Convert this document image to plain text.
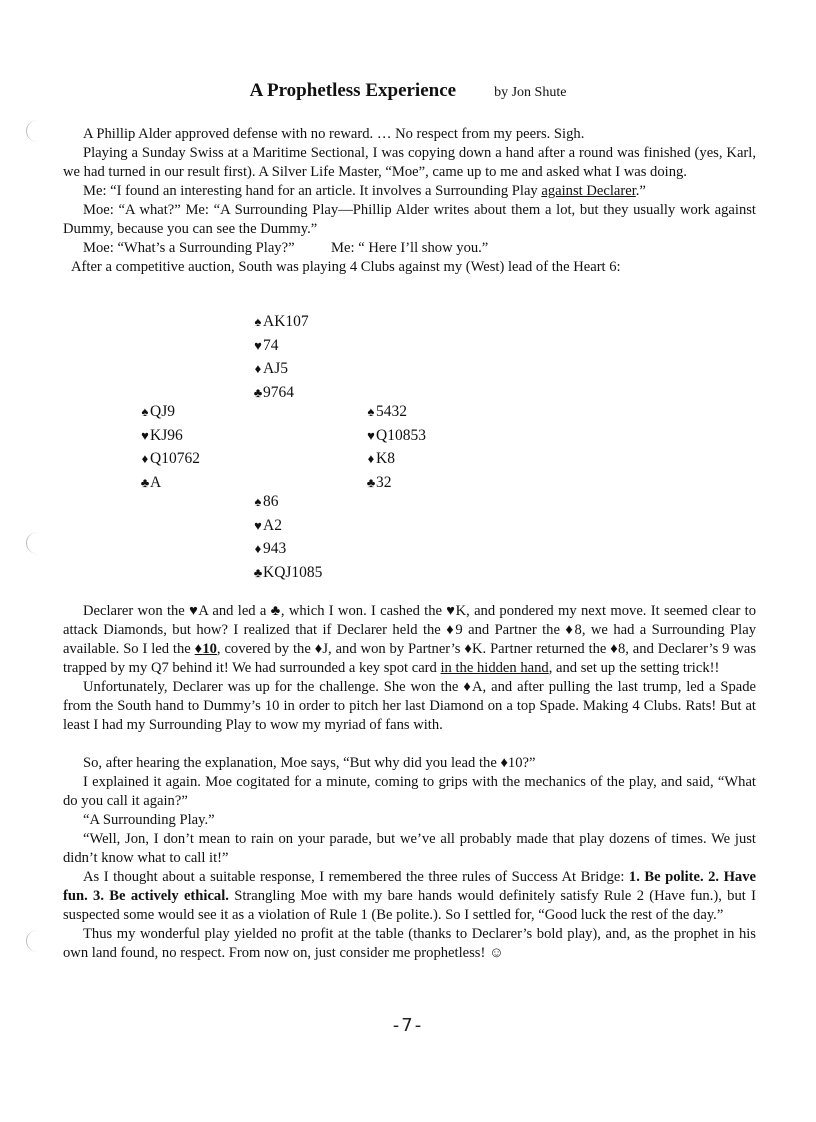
A Prophetless Experience	by Jon Shute

A Phillip Alder approved defense with no reward. … No respect from my peers. Sigh.

Playing a Sunday Swiss at a Maritime Sectional, I was copying down a hand after a round was finished (yes, Karl, we had turned in our result first). A Silver Life Master, “Moe”, came up to me and asked what I was doing.

Me: “I found an interesting hand for an article. It involves a Surrounding Play against Declarer.”

Moe: “A what?” Me: “A Surrounding Play—Phillip Alder writes about them a lot, but they usually work against Dummy, because you can see the Dummy.”

Moe: “What’s a Surrounding Play?”          Me: “ Here I’ll show you.”

After a competitive auction, South was playing 4 Clubs against my (West) lead of the Heart 6:

♠AK107
♥74
♦ AJ5
♣9764
♠QJ9
♥KJ96
♦ Q10762
♣A
♠5432
♥Q10853
♦ K8
♣32
♠86
♥A2
♦ 943
♣KQJ1085

Declarer won the ♥A and led a ♣, which I won. I cashed the ♥K, and pondered my next move. It seemed clear to attack Diamonds, but how? I realized that if Declarer held the ♦9 and Partner the ♦8, we had a Surrounding Play available. So I led the ♦10, covered by the ♦J, and won by Partner’s ♦K. Partner returned the ♦8, and Declarer’s 9 was trapped by my Q7 behind it! We had surrounded a key spot card in the hidden hand, and set up the setting trick!!

Unfortunately, Declarer was up for the challenge. She won the ♦A, and after pulling the last trump, led a Spade from the South hand to Dummy’s 10 in order to pitch her last Diamond on a top Spade. Making 4 Clubs. Rats! But at least I had my Surrounding Play to wow my myriad of fans with.

So, after hearing the explanation, Moe says, “But why did you lead the ♦10?”

I explained it again. Moe cogitated for a minute, coming to grips with the mechanics of the play, and said, “What do you call it again?”

“A Surrounding Play.”

“Well, Jon, I don’t mean to rain on your parade, but we’ve all probably made that play dozens of times. We just didn’t know what to call it!”

As I thought about a suitable response, I remembered the three rules of Success At Bridge: 1. Be polite. 2. Have fun. 3. Be actively ethical. Strangling Moe with my bare hands would definitely satisfy Rule 2 (Have fun.), but I suspected some would see it as a violation of Rule 1 (Be polite.). So I settled for, “Good luck the rest of the day.”

Thus my wonderful play yielded no profit at the table (thanks to Declarer’s bold play), and, as the prophet in his own land found, no respect. From now on, just consider me prophetless! ☺

-7-
